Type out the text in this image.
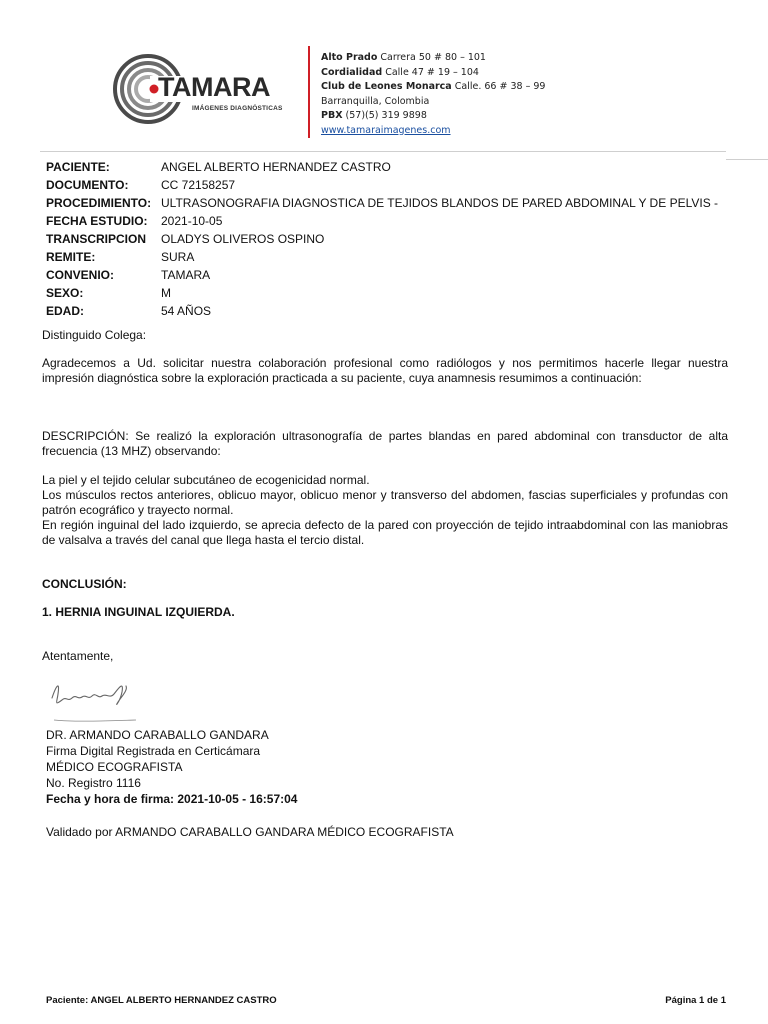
TAMARA
IMÁGENES DIAGNÓSTICAS
Alto Prado Carrera 50 # 80 – 101
Cordialidad Calle 47 # 19 – 104
Club de Leones Monarca Calle. 66 # 38 – 99
Barranquilla, Colombia
PBX (57)(5) 319 9898
www.tamaraimagenes.com
PACIENTE:	ANGEL ALBERTO HERNANDEZ CASTRO
DOCUMENTO:	CC 72158257
PROCEDIMIENTO: ULTRASONOGRAFIA DIAGNOSTICA DE TEJIDOS BLANDOS DE PARED ABDOMINAL Y DE PELVIS -
FECHA ESTUDIO: 2021-10-05
TRANSCRIPCION OLADYS OLIVEROS OSPINO
REMITE:	SURA
CONVENIO:	TAMARA
SEXO:	M
EDAD:	54 AÑOS

Distinguido Colega:

Agradecemos a Ud. solicitar nuestra colaboración profesional como radiólogos y nos permitimos hacerle llegar nuestra impresión diagnóstica sobre la exploración practicada a su paciente, cuya anamnesis resumimos a continuación:

DESCRIPCIÓN: Se realizó la exploración ultrasonografía de partes blandas en pared abdominal con transductor de alta frecuencia (13 MHZ) observando:

La piel y el tejido celular subcutáneo de ecogenicidad normal.

Los músculos rectos anteriores, oblicuo mayor, oblicuo menor y transverso del abdomen, fascias superficiales y profundas con patrón ecográfico y trayecto normal.

En región inguinal del lado izquierdo, se aprecia defecto de la pared con proyección de tejido intraabdominal con las maniobras de valsalva a través del canal que llega hasta el tercio distal.

CONCLUSIÓN:

1. HERNIA INGUINAL IZQUIERDA.

Atentamente,

DR. ARMANDO CARABALLO GANDARA

Firma Digital Registrada en Certicámara

MÉDICO ECOGRAFISTA

No. Registro 1116

Fecha y hora de firma: 2021-10-05 - 16:57:04

Validado por ARMANDO CARABALLO GANDARA MÉDICO ECOGRAFISTA

Paciente: ANGEL ALBERTO HERNANDEZ CASTRO	Página 1 de 1
